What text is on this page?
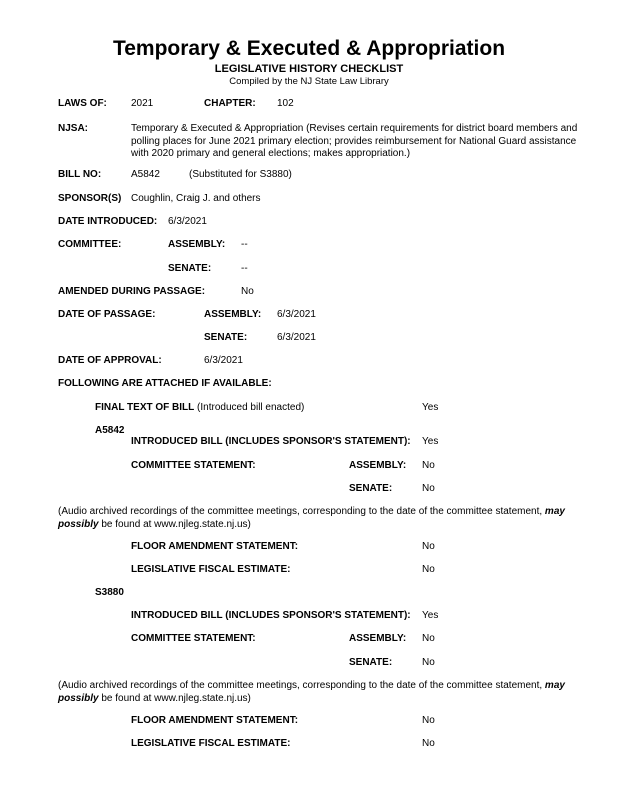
Temporary & Executed & Appropriation
LEGISLATIVE HISTORY CHECKLIST
Compiled by the NJ State Law Library
LAWS OF: 2021	CHAPTER: 102
NJSA:	Temporary & Executed & Appropriation (Revises certain requirements for district board members and polling places for June 2021 primary election; provides reimbursement for National Guard assistance with 2020 primary and general elections; makes appropriation.)
BILL NO:	A5842	(Substituted for S3880)
SPONSOR(S) Coughlin, Craig J. and others
DATE INTRODUCED: 6/3/2021
COMMITTEE:	ASSEMBLY: --
SENATE:	--
AMENDED DURING PASSAGE:	No
DATE OF PASSAGE:	ASSEMBLY: 6/3/2021
SENATE:	6/3/2021
DATE OF APPROVAL:	6/3/2021
FOLLOWING ARE ATTACHED IF AVAILABLE:
FINAL TEXT OF BILL (Introduced bill enacted)	Yes
A5842
INTRODUCED BILL (INCLUDES SPONSOR'S STATEMENT): Yes
COMMITTEE STATEMENT:	ASSEMBLY: No
SENATE:	No
(Audio archived recordings of the committee meetings, corresponding to the date of the committee statement, may possibly be found at www.njleg.state.nj.us)
FLOOR AMENDMENT STATEMENT:	No
LEGISLATIVE FISCAL ESTIMATE:	No
S3880
INTRODUCED BILL (INCLUDES SPONSOR'S STATEMENT): Yes
COMMITTEE STATEMENT:	ASSEMBLY: No
SENATE:	No
(Audio archived recordings of the committee meetings, corresponding to the date of the committee statement, may possibly be found at www.njleg.state.nj.us)
FLOOR AMENDMENT STATEMENT:	No
LEGISLATIVE FISCAL ESTIMATE:	No
